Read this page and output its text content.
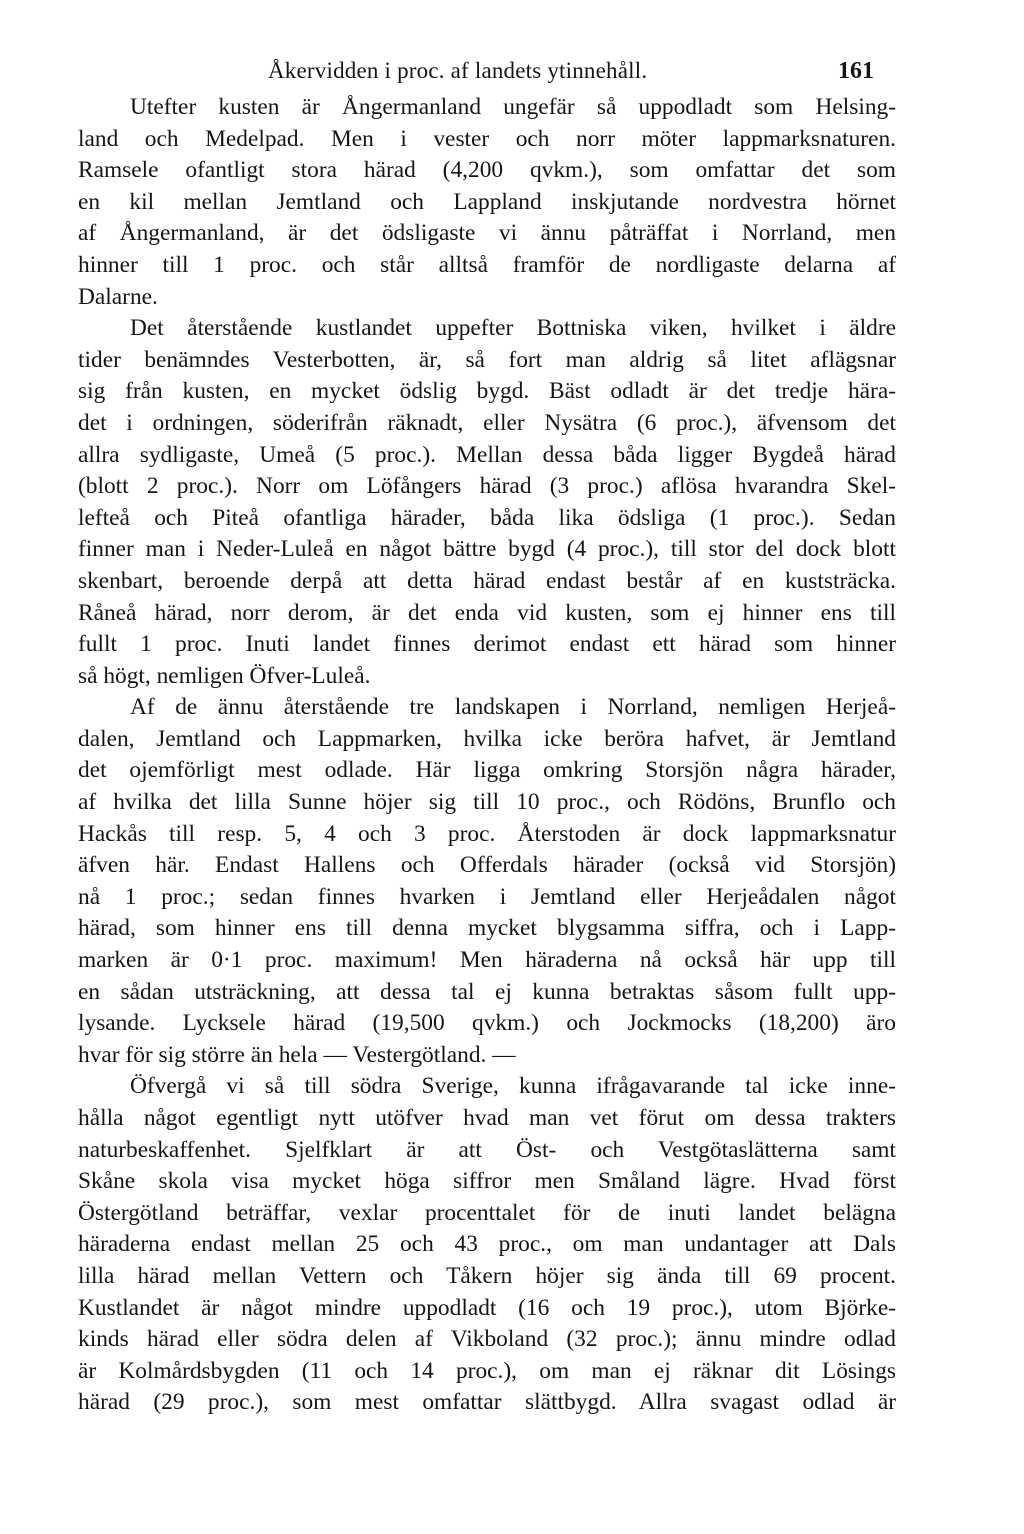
Åkervidden i proc. af landets ytinnehåll.	161
Utefter kusten är Ångermanland ungefär så uppodladt som Helsing-
land och Medelpad. Men i vester och norr möter lappmarksnaturen.
Ramsele ofantligt stora härad (4,200 qvkm.), som omfattar det som
en kil mellan Jemtland och Lappland inskjutande nordvestra hörnet
af Ångermanland, är det ödsligaste vi ännu påträffat i Norrland, men
hinner till 1 proc. och står alltså framför de nordligaste delarna af
Dalarne.
Det återstående kustlandet uppefter Bottniska viken, hvilket i äldre
tider benämndes Vesterbotten, är, så fort man aldrig så litet aflägsnar
sig från kusten, en mycket ödslig bygd. Bäst odladt är det tredje hära-
det i ordningen, söderifrån räknadt, eller Nysätra (6 proc.), äfvensom det
allra sydligaste, Umeå (5 proc.). Mellan dessa båda ligger Bygdeå härad
(blott 2 proc.). Norr om Löfångers härad (3 proc.) aflösa hvarandra Skel-
lefteå och Piteå ofantliga härader, båda lika ödsliga (1 proc.). Sedan
finner man i Neder-Luleå en något bättre bygd (4 proc.), till stor del dock blott
skenbart, beroende derpå att detta härad endast består af en kuststräcka.
Råneå härad, norr derom, är det enda vid kusten, som ej hinner ens till
fullt 1 proc. Inuti landet finnes derimot endast ett härad som hinner
så högt, nemligen Öfver-Luleå.
Af de ännu återstående tre landskapen i Norrland, nemligen Herjeå-
dalen, Jemtland och Lappmarken, hvilka icke beröra hafvet, är Jemtland
det ojemförligt mest odlade. Här ligga omkring Storsjön några härader,
af hvilka det lilla Sunne höjer sig till 10 proc., och Rödöns, Brunflo och
Hackås till resp. 5, 4 och 3 proc. Återstoden är dock lappmarksnatur
äfven här. Endast Hallens och Offerdals härader (också vid Storsjön)
nå 1 proc.; sedan finnes hvarken i Jemtland eller Herjeådalen något
härad, som hinner ens till denna mycket blygsamma siffra, och i Lapp-
marken är 0·1 proc. maximum! Men häraderna nå också här upp till
en sådan utsträckning, att dessa tal ej kunna betraktas såsom fullt upp-
lysande. Lycksele härad (19,500 qvkm.) och Jockmocks (18,200) äro
hvar för sig större än hela — Vestergötland. —
Öfvergå vi så till södra Sverige, kunna ifrågavarande tal icke inne-
hålla något egentligt nytt utöfver hvad man vet förut om dessa trakters
naturbeskaffenhet. Sjelfklart är att Öst- och Vestgötaslätterna samt
Skåne skola visa mycket höga siffror men Småland lägre. Hvad först
Östergötland beträffar, vexlar procenttalet för de inuti landet belägna
häraderna endast mellan 25 och 43 proc., om man undantager att Dals
lilla härad mellan Vettern och Tåkern höjer sig ända till 69 procent.
Kustlandet är något mindre uppodladt (16 och 19 proc.), utom Björke-
kinds härad eller södra delen af Vikboland (32 proc.); ännu mindre odlad
är Kolmårdsbygden (11 och 14 proc.), om man ej räknar dit Lösings
härad (29 proc.), som mest omfattar slättbygd. Allra svagast odlad är
